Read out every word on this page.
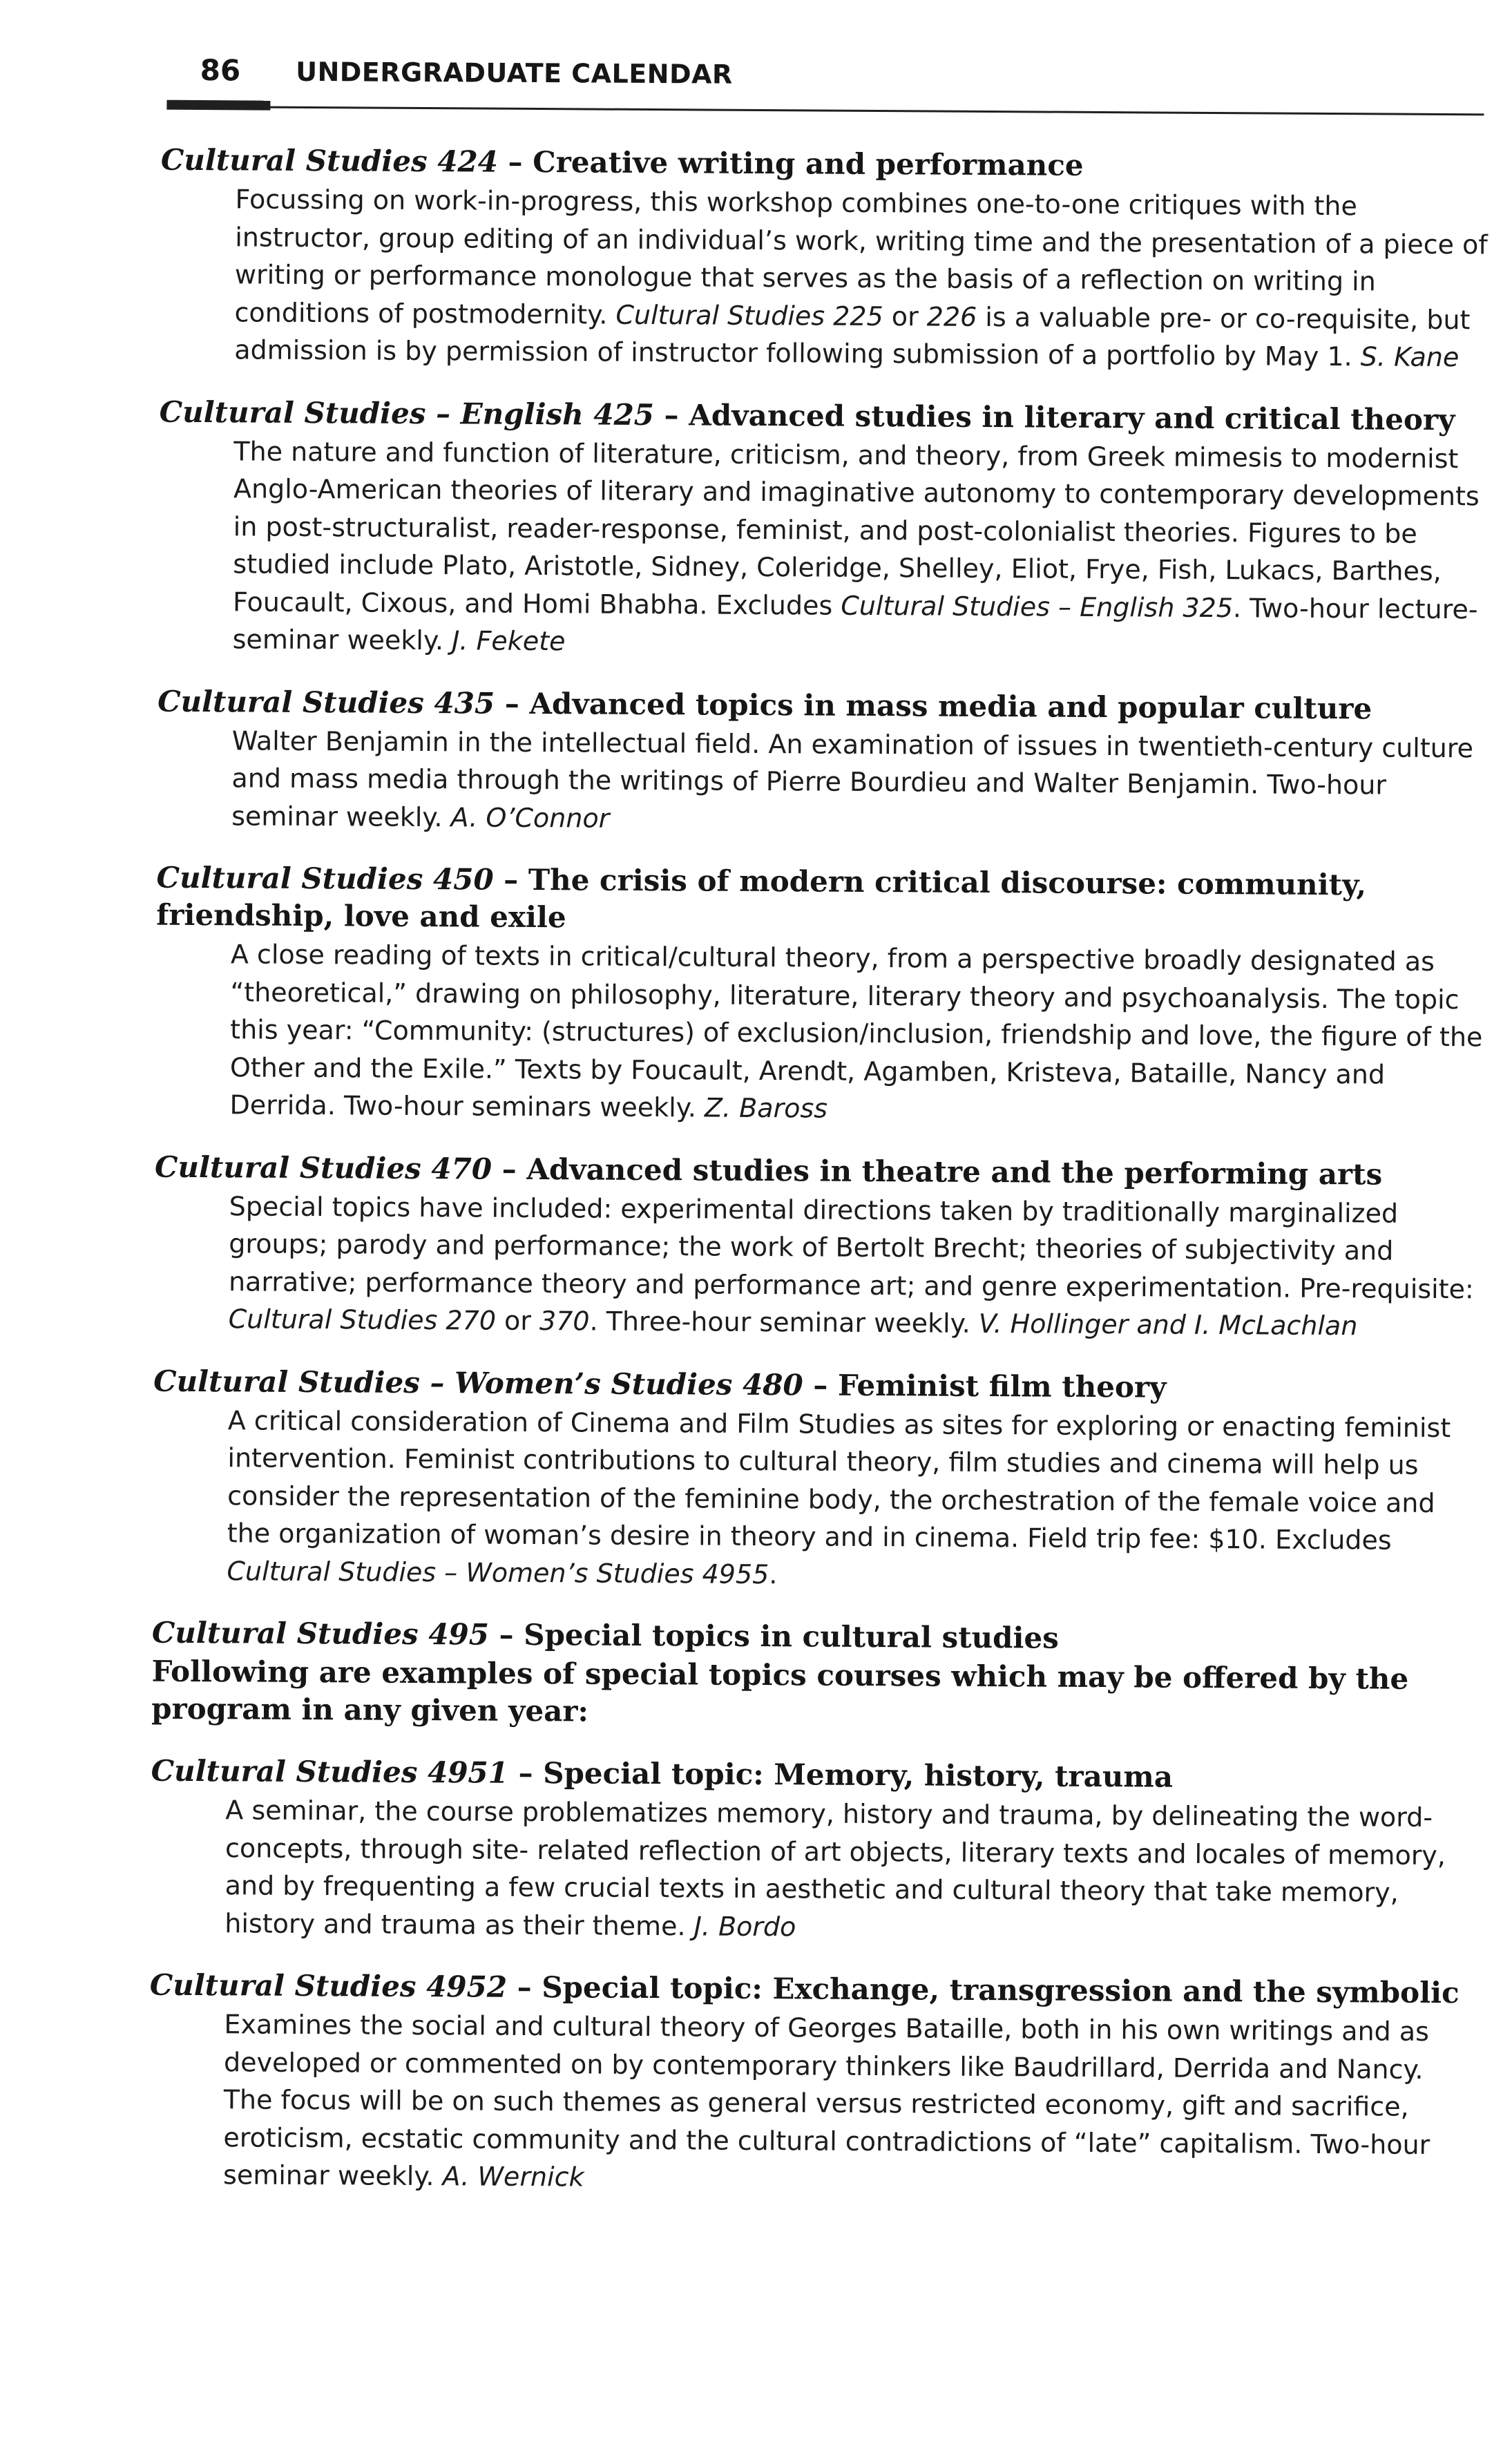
86 UNDERGRADUATE CALENDAR

Cultural Studies 424 – Creative writing and performance

Focussing on work-in-progress, this workshop combines one-to-one critiques with the instructor, group editing of an individual’s work, writing time and the presentation of a piece of writing or performance monologue that serves as the basis of a reflection on writing in conditions of postmodernity. Cultural Studies 225 or 226 is a valuable pre- or co-requisite, but admission is by permission of instructor following submission of a portfolio by May 1. S. Kane

Cultural Studies – English 425 – Advanced studies in literary and critical theory

The nature and function of literature, criticism, and theory, from Greek mimesis to modernist Anglo-American theories of literary and imaginative autonomy to contemporary developments in post-structuralist, reader-response, feminist, and post-colonialist theories. Figures to be studied include Plato, Aristotle, Sidney, Coleridge, Shelley, Eliot, Frye, Fish, Lukacs, Barthes, Foucault, Cixous, and Homi Bhabha. Excludes Cultural Studies – English 325. Two-hour lecture-seminar weekly. J. Fekete

Cultural Studies 435 – Advanced topics in mass media and popular culture

Walter Benjamin in the intellectual field. An examination of issues in twentieth-century culture and mass media through the writings of Pierre Bourdieu and Walter Benjamin. Two-hour seminar weekly. A. O’Connor

Cultural Studies 450 – The crisis of modern critical discourse: community, friendship, love and exile

A close reading of texts in critical/cultural theory, from a perspective broadly designated as “theoretical,” drawing on philosophy, literature, literary theory and psychoanalysis. The topic this year: “Community: (structures) of exclusion/inclusion, friendship and love, the figure of the Other and the Exile.” Texts by Foucault, Arendt, Agamben, Kristeva, Bataille, Nancy and Derrida. Two-hour seminars weekly. Z. Baross

Cultural Studies 470 – Advanced studies in theatre and the performing arts

Special topics have included: experimental directions taken by traditionally marginalized groups; parody and performance; the work of Bertolt Brecht; theories of subjectivity and narrative; performance theory and performance art; and genre experimentation. Pre-requisite: Cultural Studies 270 or 370. Three-hour seminar weekly. V. Hollinger and I. McLachlan

Cultural Studies – Women’s Studies 480 – Feminist film theory

A critical consideration of Cinema and Film Studies as sites for exploring or enacting feminist intervention. Feminist contributions to cultural theory, film studies and cinema will help us consider the representation of the feminine body, the orchestration of the female voice and the organization of woman’s desire in theory and in cinema. Field trip fee: $10. Excludes Cultural Studies – Women’s Studies 4955.

Cultural Studies 495 – Special topics in cultural studies

Following are examples of special topics courses which may be offered by the program in any given year:

Cultural Studies 4951 – Special topic: Memory, history, trauma

A seminar, the course problematizes memory, history and trauma, by delineating the word-concepts, through site- related reflection of art objects, literary texts and locales of memory, and by frequenting a few crucial texts in aesthetic and cultural theory that take memory, history and trauma as their theme. J. Bordo

Cultural Studies 4952 – Special topic: Exchange, transgression and the symbolic

Examines the social and cultural theory of Georges Bataille, both in his own writings and as developed or commented on by contemporary thinkers like Baudrillard, Derrida and Nancy. The focus will be on such themes as general versus restricted economy, gift and sacrifice, eroticism, ecstatic community and the cultural contradictions of “late” capitalism. Two-hour seminar weekly. A. Wernick
